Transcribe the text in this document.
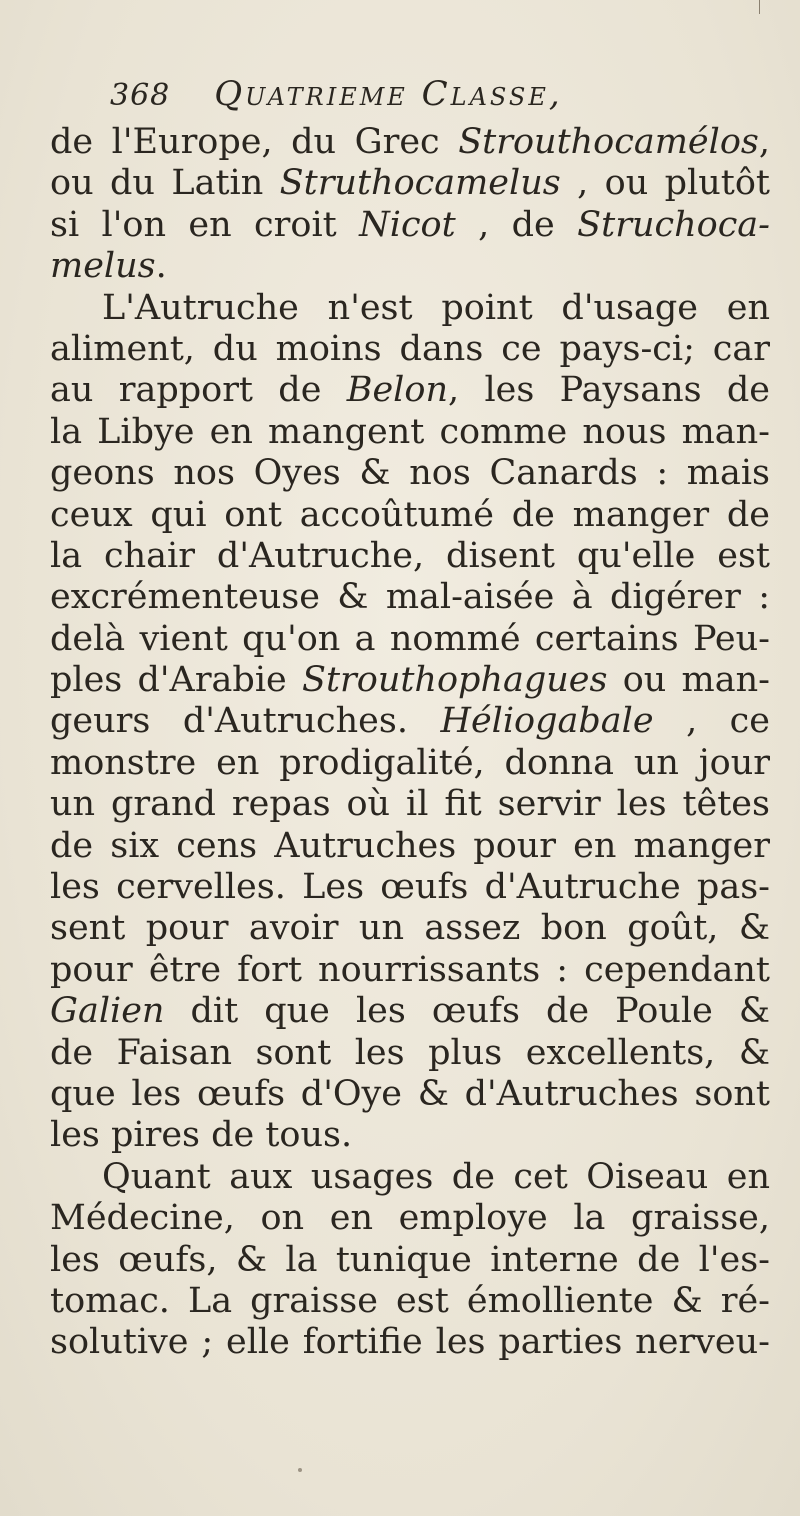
368 Quatrieme Classe,
de l'Europe, du Grec Strouthocamélos,
ou du Latin Struthocamelus , ou plutôt
si l'on en croit Nicot , de Struchoca-
melus.
L'Autruche n'est point d'usage en
aliment, du moins dans ce pays-ci; car
au rapport de Belon, les Paysans de
la Libye en mangent comme nous man-
geons nos Oyes & nos Canards : mais
ceux qui ont accoûtumé de manger de
la chair d'Autruche, disent qu'elle est
excrémenteuse & mal-aisée à digérer :
delà vient qu'on a nommé certains Peu-
ples d'Arabie Strouthophagues ou man-
geurs d'Autruches. Héliogabale , ce
monstre en prodigalité, donna un jour
un grand repas où il fit servir les têtes
de six cens Autruches pour en manger
les cervelles. Les œufs d'Autruche pas-
sent pour avoir un assez bon goût, &
pour être fort nourrissants : cependant
Galien dit que les œufs de Poule &
de Faisan sont les plus excellents, &
que les œufs d'Oye & d'Autruches sont
les pires de tous.
Quant aux usages de cet Oiseau en
Médecine, on en employe la graisse,
les œufs, & la tunique interne de l'es-
tomac. La graisse est émolliente & ré-
solutive ; elle fortifie les parties nerveu-
